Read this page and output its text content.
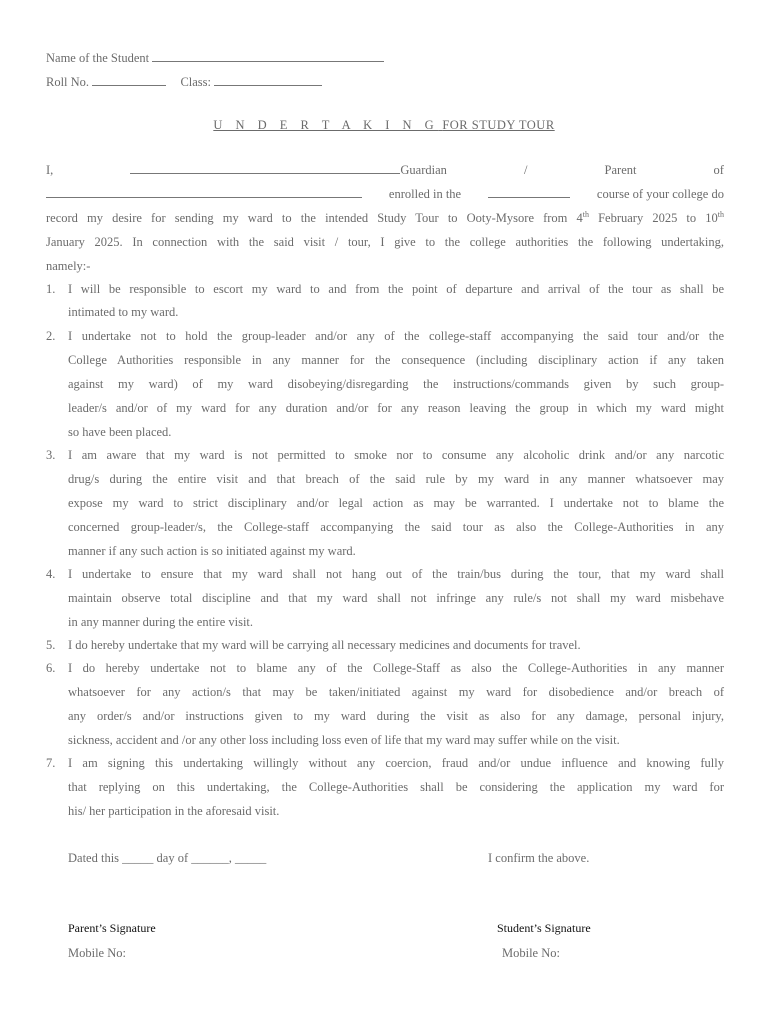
Name of the Student
Roll No.	Class:
U N D E R T A K I N G FOR STUDY TOUR
I,	Guardian	/	Parent	of
enrolled in the	course of your college do
record my desire for sending my ward to the intended Study Tour to Ooty-Mysore from 4th February 2025 to 10th
January 2025. In connection with the said visit / tour, I give to the college authorities the following undertaking,
namely:-
1.	I will be responsible to escort my ward to and from the point of departure and arrival of the tour as shall be
intimated to my ward.
2.	I undertake not to hold the group-leader and/or any of the college-staff accompanying the said tour and/or the
College Authorities responsible in any manner for the consequence (including disciplinary action if any taken
against my ward) of my ward disobeying/disregarding the instructions/commands given by such group-
leader/s and/or of my ward for any duration and/or for any reason leaving the group in which my ward might
so have been placed.
3.	I am aware that my ward is not permitted to smoke nor to consume any alcoholic drink and/or any narcotic
drug/s during the entire visit and that breach of the said rule by my ward in any manner whatsoever may
expose my ward to strict disciplinary and/or legal action as may be warranted. I undertake not to blame the
concerned group-leader/s, the College-staff accompanying the said tour as also the College-Authorities in any
manner if any such action is so initiated against my ward.
4.	I undertake to ensure that my ward shall not hang out of the train/bus during the tour, that my ward shall
maintain observe total discipline and that my ward shall not infringe any rule/s not shall my ward misbehave
in any manner during the entire visit.
5.	I do hereby undertake that my ward will be carrying all necessary medicines and documents for travel.
6.	I do hereby undertake not to blame any of the College-Staff as also the College-Authorities in any manner
whatsoever for any action/s that may be taken/initiated against my ward for disobedience and/or breach of
any order/s and/or instructions given to my ward during the visit as also for any damage, personal injury,
sickness, accident and /or any other loss including loss even of life that my ward may suffer while on the visit.
7.	I am signing this undertaking willingly without any coercion, fraud and/or undue influence and knowing fully
that replying on this undertaking, the College-Authorities shall be considering the application my ward for
his/ her participation in the aforesaid visit.
Dated this _____ day of ______, _____	I confirm the above.
Parent’s Signature	Student’s Signature
Mobile No:	Mobile No:
